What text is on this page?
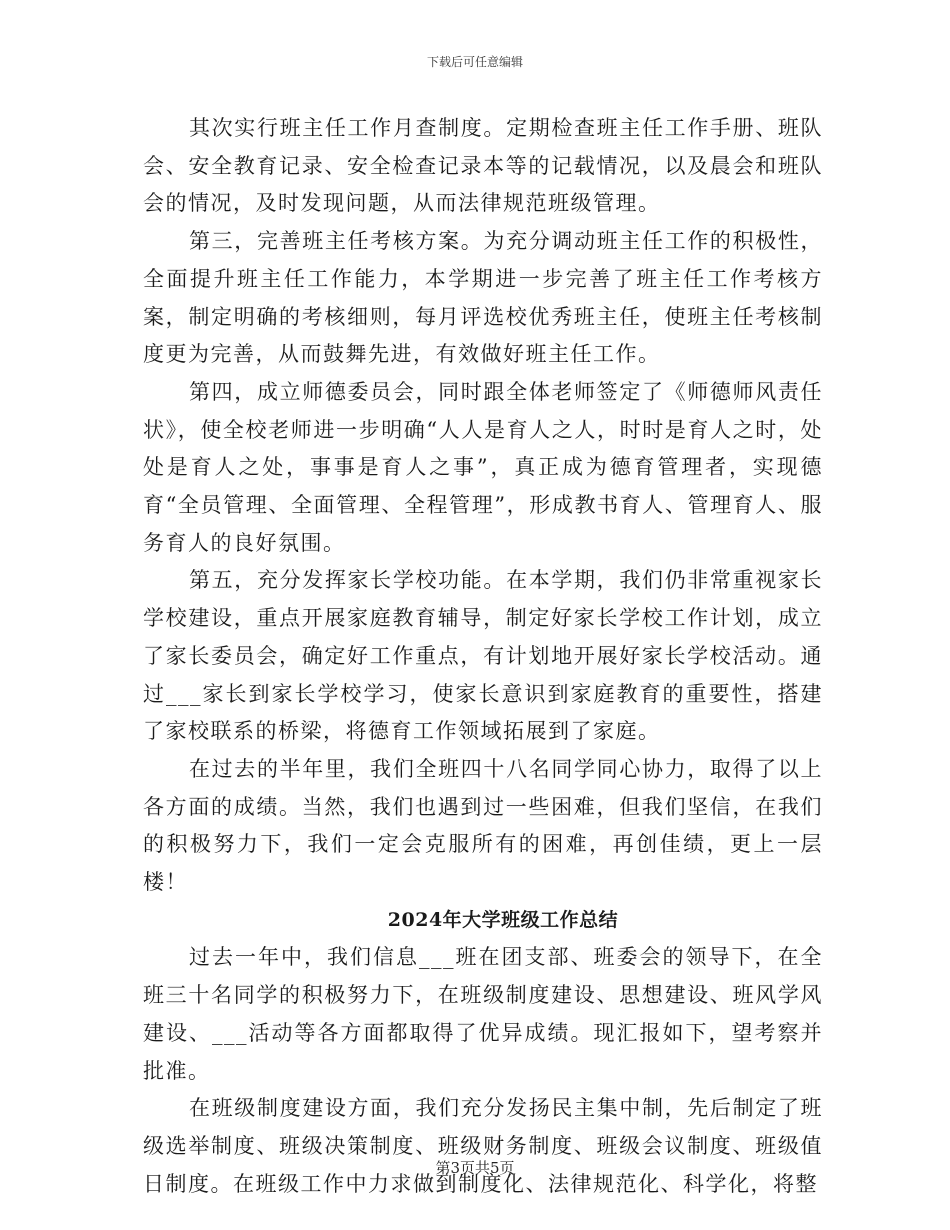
下载后可任意编辑

其次实行班主任工作月查制度。定期检查班主任工作手册、班队会、安全教育记录、安全检查记录本等的记载情况，以及晨会和班队会的情况，及时发现问题，从而法律规范班级管理。

第三，完善班主任考核方案。为充分调动班主任工作的积极性，全面提升班主任工作能力，本学期进一步完善了班主任工作考核方案，制定明确的考核细则，每月评选校优秀班主任，使班主任考核制度更为完善，从而鼓舞先进，有效做好班主任工作。

第四，成立师德委员会，同时跟全体老师签定了《师德师风责任状》，使全校老师进一步明确“人人是育人之人，时时是育人之时，处处是育人之处，事事是育人之事”，真正成为德育管理者，实现德育“全员管理、全面管理、全程管理”，形成教书育人、管理育人、服务育人的良好氛围。

第五，充分发挥家长学校功能。在本学期，我们仍非常重视家长学校建设，重点开展家庭教育辅导，制定好家长学校工作计划，成立了家长委员会，确定好工作重点，有计划地开展好家长学校活动。通过___家长到家长学校学习，使家长意识到家庭教育的重要性，搭建了家校联系的桥梁，将德育工作领域拓展到了家庭。

在过去的半年里，我们全班四十八名同学同心协力，取得了以上各方面的成绩。当然，我们也遇到过一些困难，但我们坚信，在我们的积极努力下，我们一定会克服所有的困难，再创佳绩，更上一层楼！

2024年大学班级工作总结

过去一年中，我们信息___班在团支部、班委会的领导下，在全班三十名同学的积极努力下，在班级制度建设、思想建设、班风学风建设、___活动等各方面都取得了优异成绩。现汇报如下，望考察并批准。

在班级制度建设方面，我们充分发扬民主集中制，先后制定了班级选举制度、班级决策制度、班级财务制度、班级会议制度、班级值日制度。在班级工作中力求做到制度化、法律规范化、科学化，将整

第3页共5页
